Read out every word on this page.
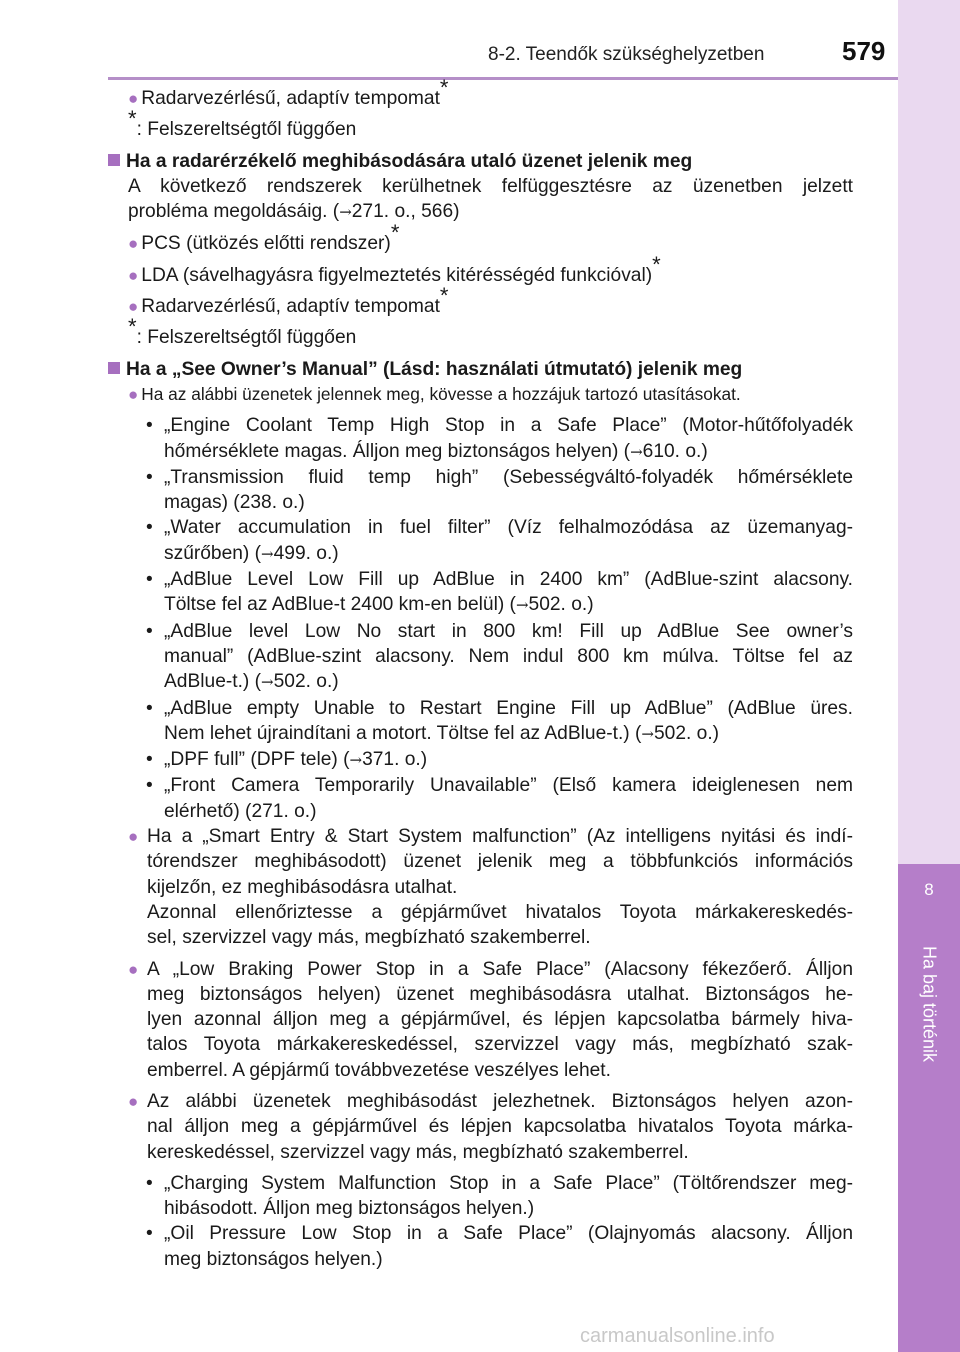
8-2. Teendők szükséghelyzetben	579
8
Ha baj történik

● Radarvezérlésű, adaptív tempomat*

*: Felszereltségtől függően

Ha a radarérzékelő meghibásodására utaló üzenet jelenik meg

A következő rendszerek kerülhetnek felfüggesztésre az üzenetben jelzett

probléma megoldásáig. (→271. o., 566)

● PCS (ütközés előtti rendszer)*

● LDA (sávelhagyásra figyelmeztetés kitérésségéd funkcióval)*

● Radarvezérlésű, adaptív tempomat*

*: Felszereltségtől függően

Ha a „See Owner’s Manual” (Lásd: használati útmutató) jelenik meg

● Ha az alábbi üzenetek jelennek meg, kövesse a hozzájuk tartozó utasításokat.

• „Engine Coolant Temp High Stop in a Safe Place” (Motor-hűtőfolyadék

hőmérséklete magas. Álljon meg biztonságos helyen) (→610. o.)

• „Transmission fluid temp high” (Sebességváltó-folyadék hőmérséklete

magas) (238. o.)

• „Water accumulation in fuel filter” (Víz felhalmozódása az üzemanyag-

szűrőben) (→499. o.)

• „AdBlue Level Low Fill up AdBlue in 2400 km” (AdBlue-szint alacsony.

Töltse fel az AdBlue-t 2400 km-en belül) (→502. o.)

• „AdBlue level Low No start in 800 km! Fill up AdBlue See owner’s

manual” (AdBlue-szint alacsony. Nem indul 800 km múlva. Töltse fel az

AdBlue-t.) (→502. o.)

• „AdBlue empty Unable to Restart Engine Fill up AdBlue” (AdBlue üres.

Nem lehet újraindítani a motort. Töltse fel az AdBlue-t.) (→502. o.)

• „DPF full” (DPF tele) (→371. o.)

• „Front Camera Temporarily Unavailable” (Első kamera ideiglenesen nem

elérhető) (271. o.)

● Ha a „Smart Entry & Start System malfunction” (Az intelligens nyitási és indí-

tórendszer meghibásodott) üzenet jelenik meg a többfunkciós információs

kijelzőn, ez meghibásodásra utalhat.

Azonnal ellenőriztesse a gépjárművet hivatalos Toyota márkakereskedés-

sel, szervizzel vagy más, megbízható szakemberrel.

● A „Low Braking Power Stop in a Safe Place” (Alacsony fékezőerő. Álljon

meg biztonságos helyen) üzenet meghibásodásra utalhat. Biztonságos he-

lyen azonnal álljon meg a gépjárművel, és lépjen kapcsolatba bármely hiva-

talos Toyota márkakereskedéssel, szervizzel vagy más, megbízható szak-

emberrel. A gépjármű továbbvezetése veszélyes lehet.

● Az alábbi üzenetek meghibásodást jelezhetnek. Biztonságos helyen azon-

nal álljon meg a gépjárművel és lépjen kapcsolatba hivatalos Toyota márka-

kereskedéssel, szervizzel vagy más, megbízható szakemberrel.

• „Charging System Malfunction Stop in a Safe Place” (Töltőrendszer meg-

hibásodott. Álljon meg biztonságos helyen.)

• „Oil Pressure Low Stop in a Safe Place” (Olajnyomás alacsony. Álljon

meg biztonságos helyen.)

carmanualsonline.info
